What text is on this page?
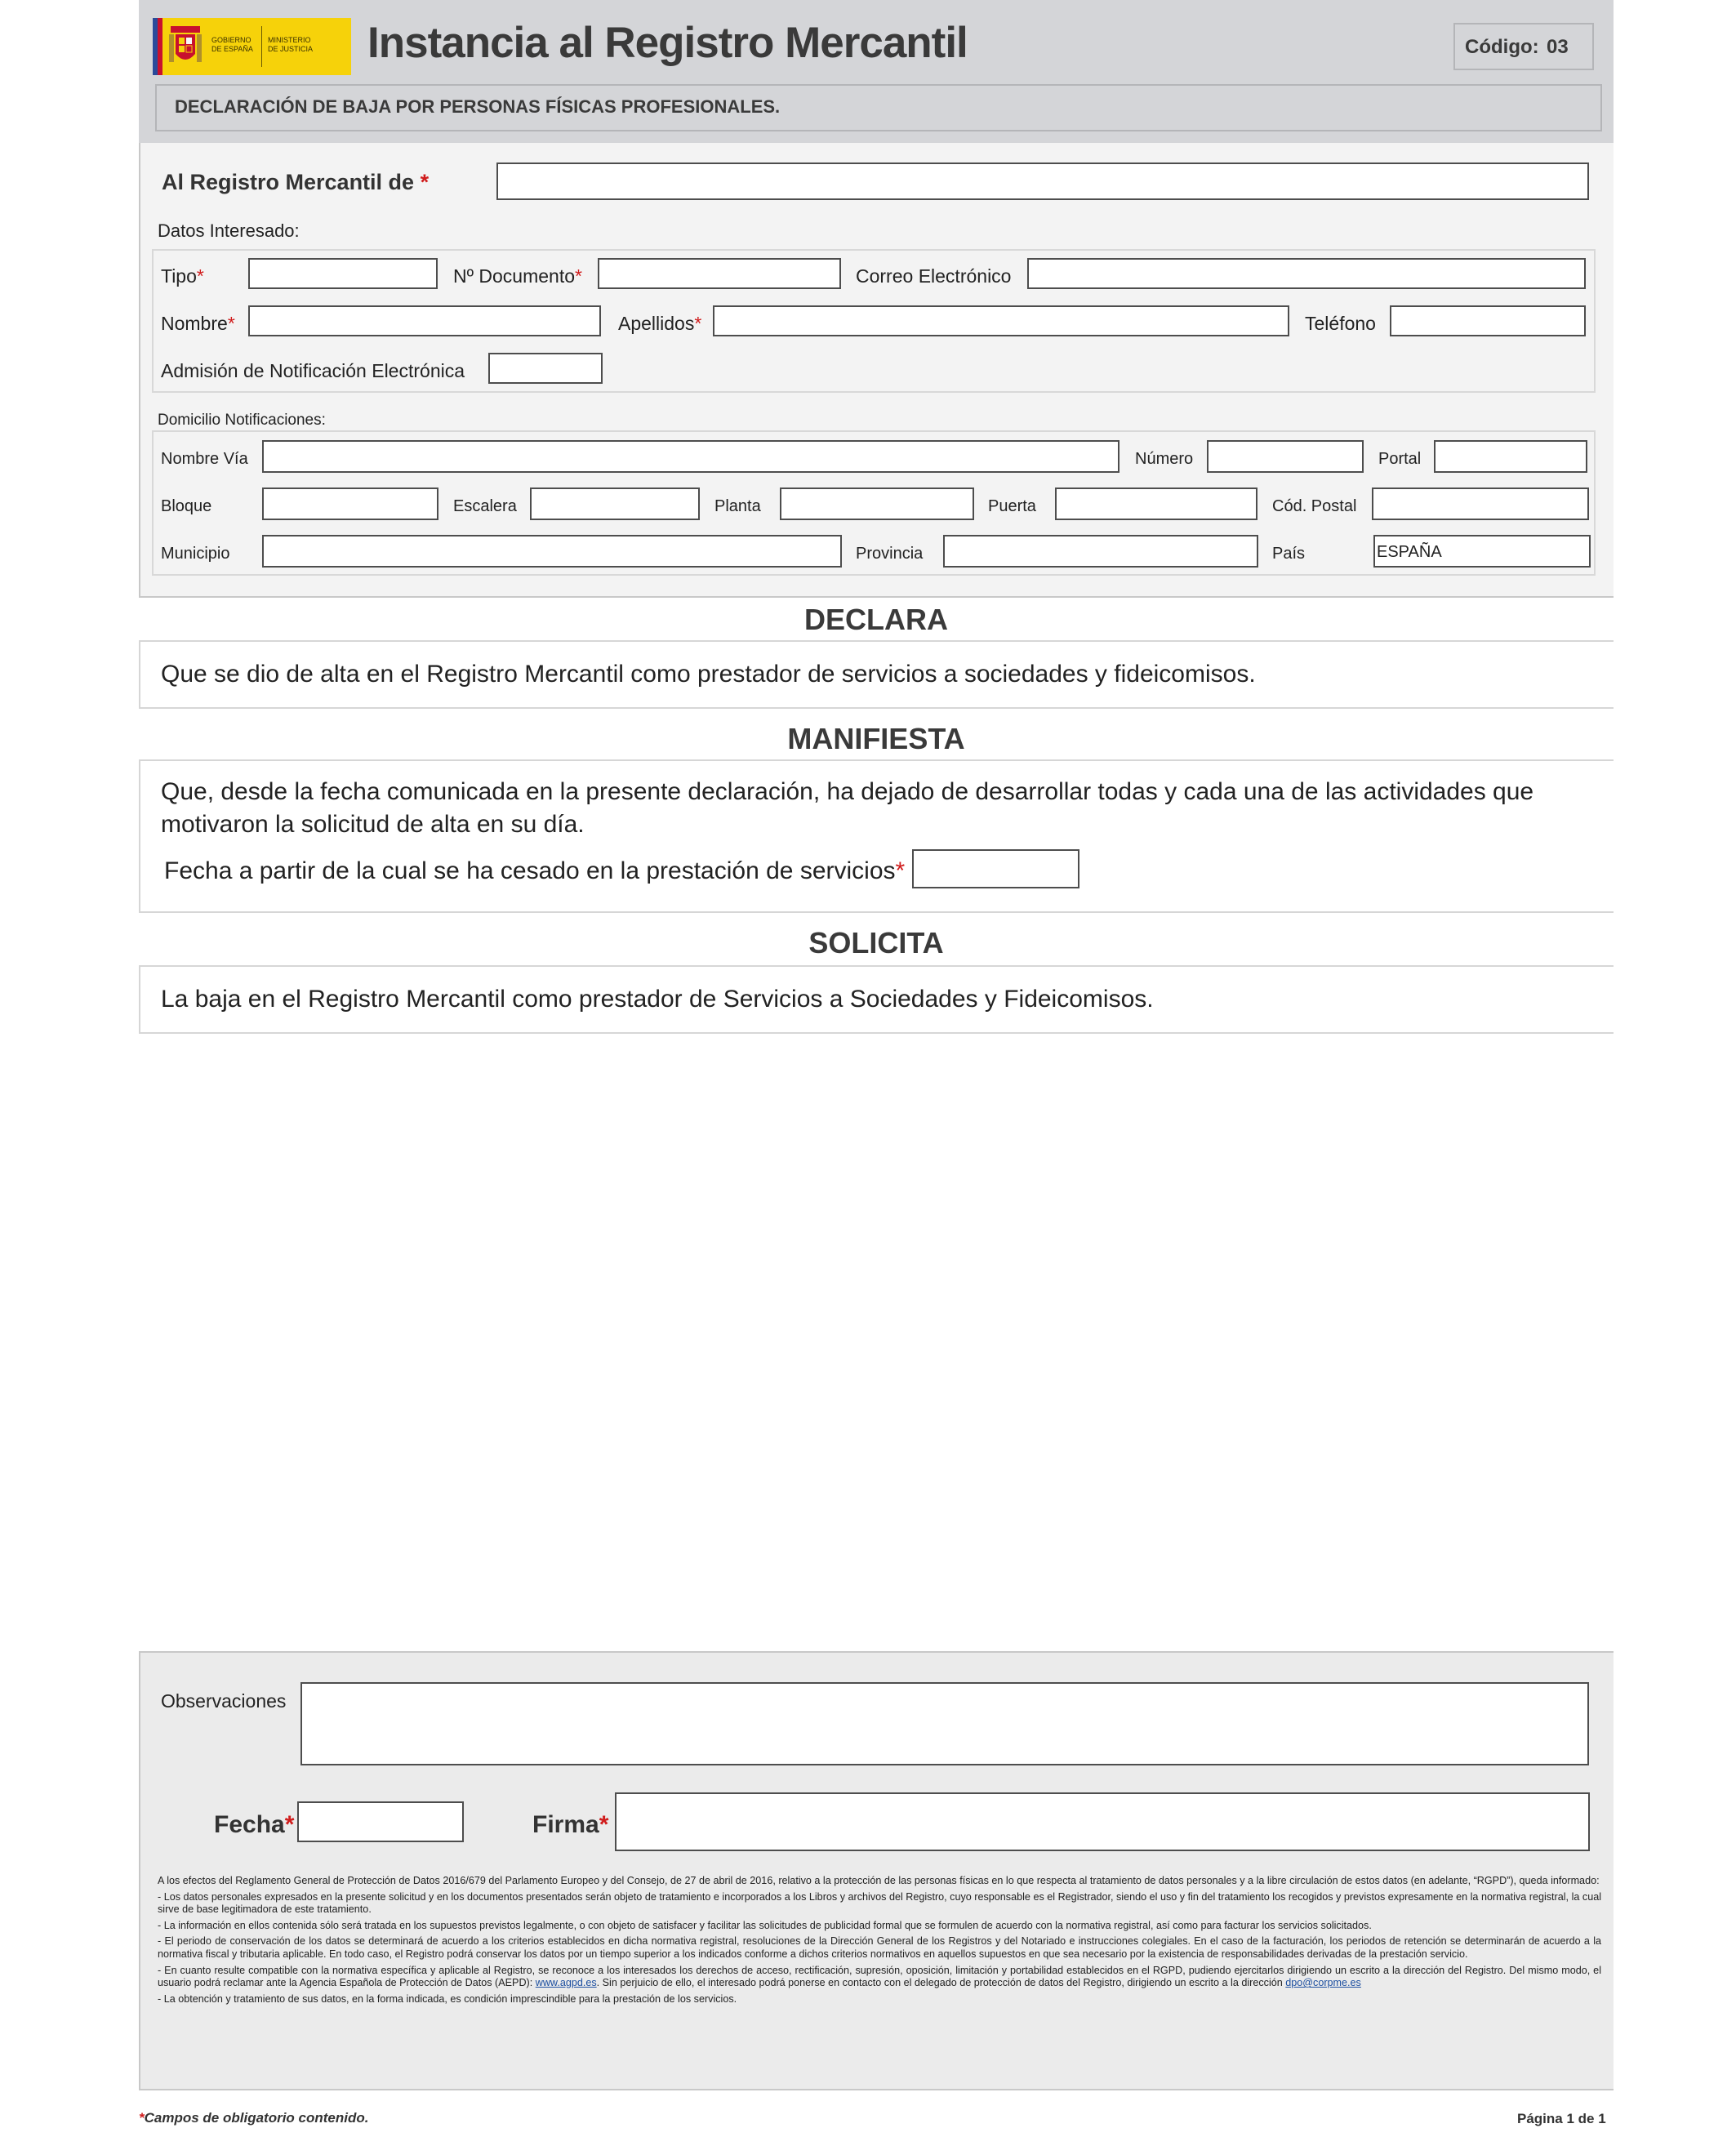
GOBIERNO
DE ESPAÑA
MINISTERIO
DE JUSTICIA Instancia al Registro Mercantil	Código: 03
DECLARACIÓN DE BAJA POR PERSONAS FÍSICAS PROFESIONALES.
Al Registro Mercantil de *
Datos Interesado:
Tipo*	Nº Documento*	Correo Electrónico
Nombre*	Apellidos*	Teléfono
Admisión de Notificación Electrónica
Domicilio Notificaciones:
Nombre Vía	Número	Portal
Bloque	Escalera	Planta	Puerta	Cód. Postal
Municipio	Provincia	País	ESPAÑA
DECLARA
Que se dio de alta en el Registro Mercantil como prestador de servicios a sociedades y fideicomisos.
MANIFIESTA
Que, desde la fecha comunicada en la presente declaración, ha dejado de desarrollar todas y cada una de las actividades que
motivaron la solicitud de alta en su día.
Fecha a partir de la cual se ha cesado en la prestación de servicios*
SOLICITA
La baja en el Registro Mercantil como prestador de Servicios a Sociedades y Fideicomisos.
Observaciones
Fecha*	Firma*

A los efectos del Reglamento General de Protección de Datos 2016/679 del Parlamento Europeo y del Consejo, de 27 de abril de 2016, relativo a la protección de las personas físicas en lo que respecta al tratamiento de datos personales y a la libre circulación de estos datos (en adelante, “RGPD”), queda informado:

- Los datos personales expresados en la presente solicitud y en los documentos presentados serán objeto de tratamiento e incorporados a los Libros y archivos del Registro, cuyo responsable es el Registrador, siendo el uso y fin del tratamiento los recogidos y previstos expresamente en la normativa registral, la cual sirve de base legitimadora de este tratamiento.

- La información en ellos contenida sólo será tratada en los supuestos previstos legalmente, o con objeto de satisfacer y facilitar las solicitudes de publicidad formal que se formulen de acuerdo con la normativa registral, así como para facturar los servicios solicitados.

- El periodo de conservación de los datos se determinará de acuerdo a los criterios establecidos en dicha normativa registral, resoluciones de la Dirección General de los Registros y del Notariado e instrucciones colegiales. En el caso de la facturación, los periodos de retención se determinarán de acuerdo a la normativa fiscal y tributaria aplicable. En todo caso, el Registro podrá conservar los datos por un tiempo superior a los indicados conforme a dichos criterios normativos en aquellos supuestos en que sea necesario por la existencia de responsabilidades derivadas de la prestación servicio.

- En cuanto resulte compatible con la normativa específica y aplicable al Registro, se reconoce a los interesados los derechos de acceso, rectificación, supresión, oposición, limitación y portabilidad establecidos en el RGPD, pudiendo ejercitarlos dirigiendo un escrito a la dirección del Registro. Del mismo modo, el usuario podrá reclamar ante la Agencia Española de Protección de Datos (AEPD): www.agpd.es. Sin perjuicio de ello, el interesado podrá ponerse en contacto con el delegado de protección de datos del Registro, dirigiendo un escrito a la dirección dpo@corpme.es

- La obtención y tratamiento de sus datos, en la forma indicada, es condición imprescindible para la prestación de los servicios.

*Campos de obligatorio contenido.	Página 1 de 1
